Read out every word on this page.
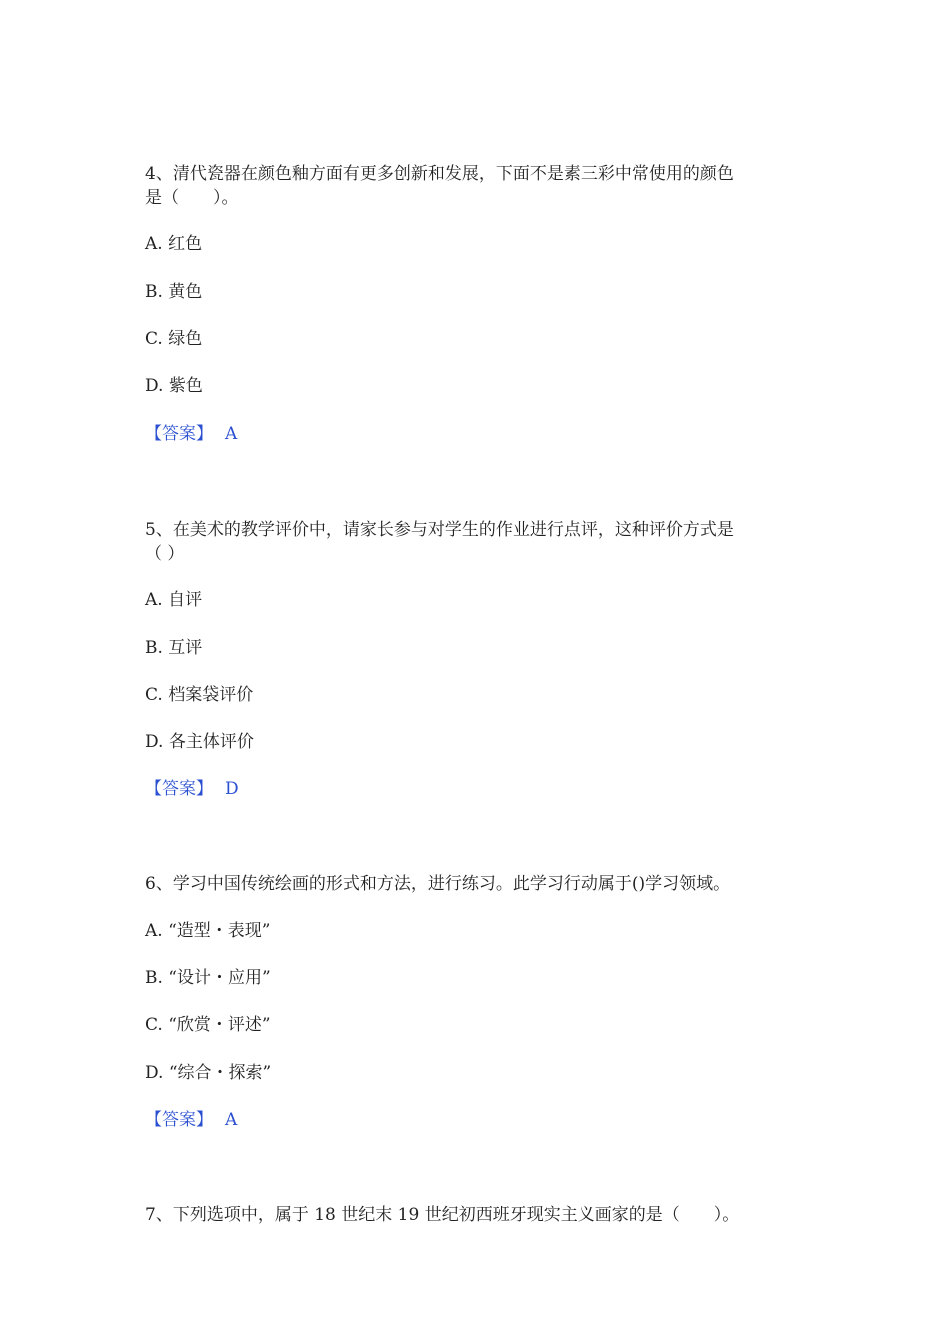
4、清代瓷器在颜色釉方面有更多创新和发展，下面不是素三彩中常使用的颜色
是（　　）。
A. 红色
B. 黄色
C. 绿色
D. 紫色
【答案】 A
5、在美术的教学评价中，请家长参与对学生的作业进行点评，这种评价方式是
（ ）
A. 自评
B. 互评
C. 档案袋评价
D. 各主体评价
【答案】 D
6、学习中国传统绘画的形式和方法，进行练习。此学习行动属于()学习领域。
A. “造型・表现”
B. “设计・应用”
C. “欣赏・评述”
D. “综合・探索”
【答案】 A
7、下列选项中，属于 18 世纪末 19 世纪初西班牙现实主义画家的是（　　）。
